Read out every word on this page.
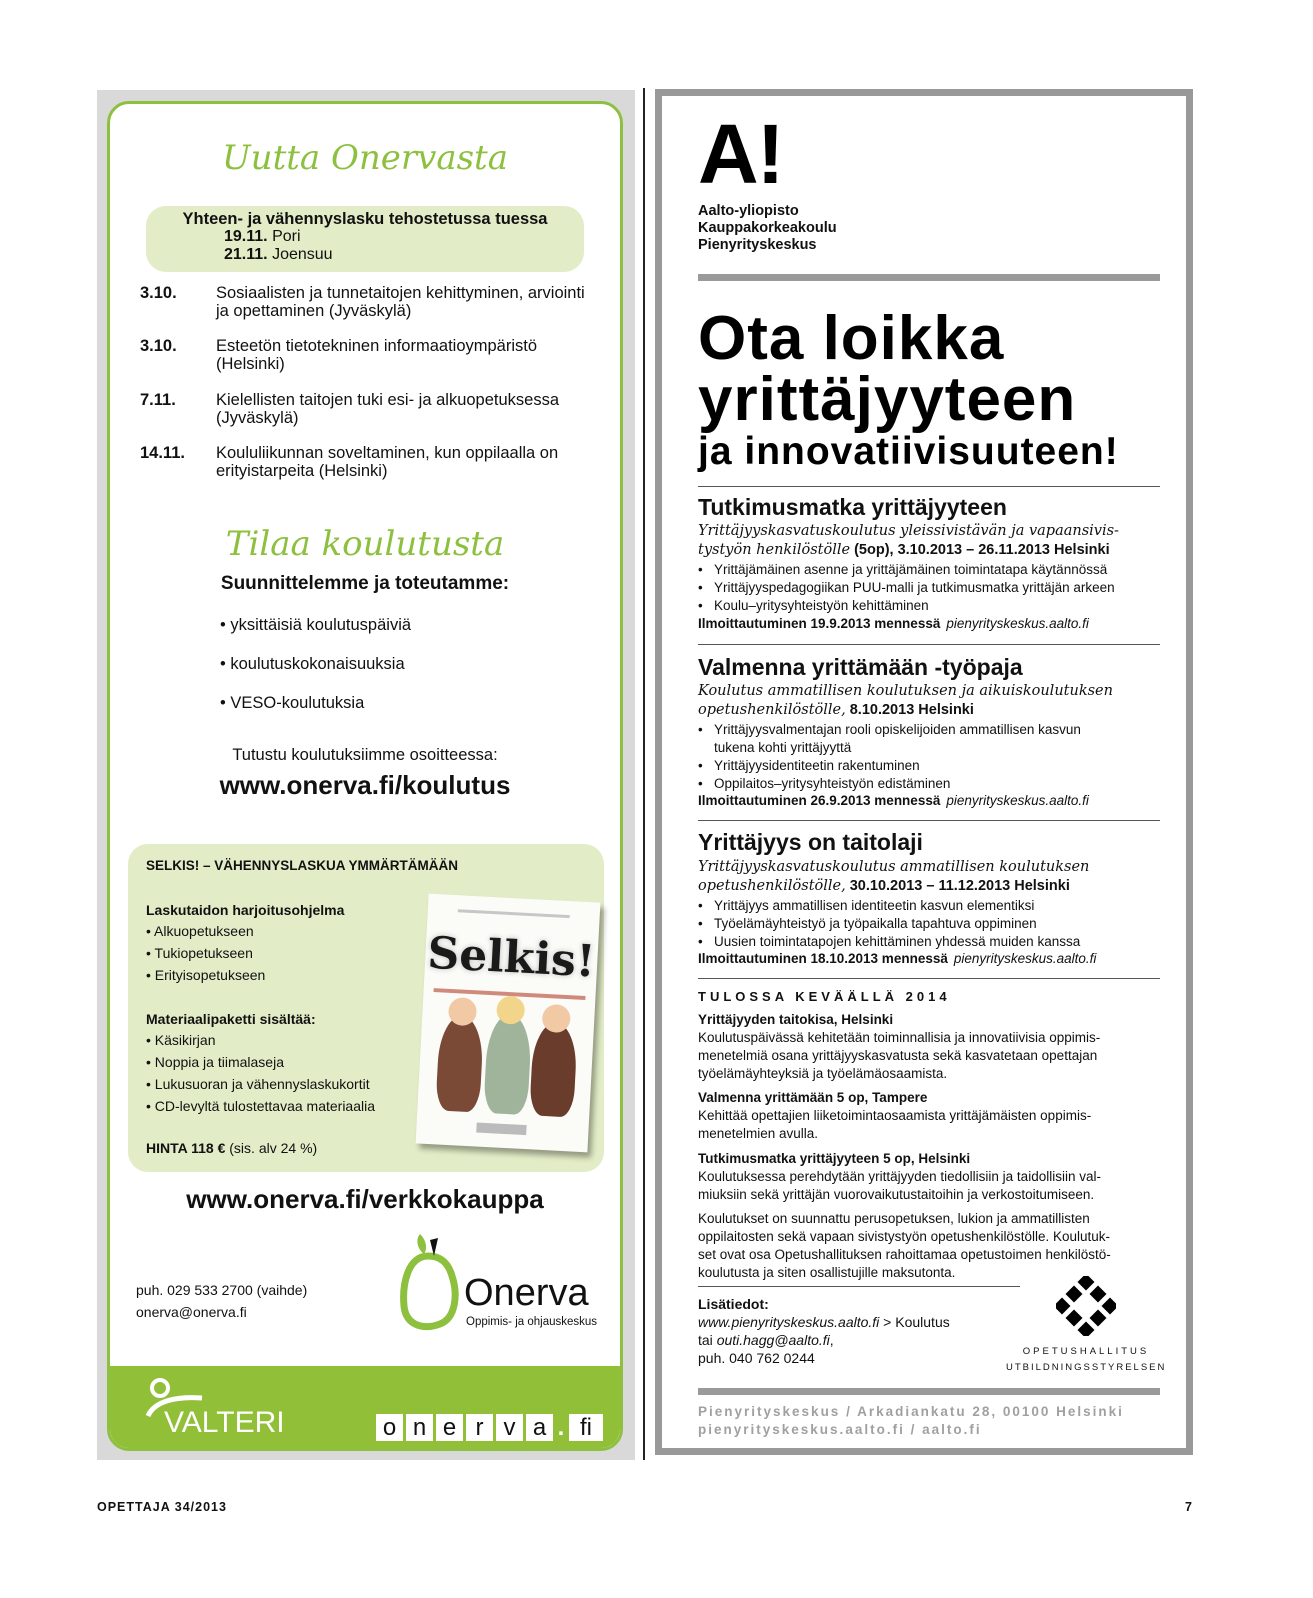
Uutta Onervasta
Yhteen- ja vähennyslasku tehostetussa tuessa
19.11. Pori
21.11. Joensuu
3.10.	Sosiaalisten ja tunnetaitojen kehittyminen, arviointi ja opettaminen (Jyväskylä)
3.10.	Esteetön tietotekninen informaatioympäristö (Helsinki)
7.11.	Kielellisten taitojen tuki esi- ja alkuopetuksessa (Jyväskylä)
14.11.	Koululiikunnan soveltaminen, kun oppilaalla on erityistarpeita (Helsinki)
Tilaa koulutusta
Suunnittelemme ja toteutamme:
• yksittäisiä koulutuspäiviä
• koulutuskokonaisuuksia
• VESO-koulutuksia
Tutustu koulutuksiimme osoitteessa:
www.onerva.fi/koulutus
SELKIS! – VÄHENNYSLASKUA YMMÄRTÄMÄÄN
Laskutaidon harjoitusohjelma
• Alkuopetukseen
• Tukiopetukseen
• Erityisopetukseen
Materiaalipaketti sisältää:
• Käsikirjan
• Noppia ja tiimalaseja
• Lukusuoran ja vähennyslaskukortit
• CD-levyltä tulostettavaa materiaalia
HINTA 118 € (sis. alv 24 %)
Selkis!
www.onerva.fi/verkkokauppa
puh. 029 533 2700 (vaihde)
onerva@onerva.fi	Onerva
Oppimis- ja ohjauskeskus
VALTERI	o n e r v a . fi
A!
Aalto-yliopisto
Kauppakorkeakoulu
Pienyrityskeskus
Ota loikka
yrittäjyyteen
ja innovatiivisuuteen!
Tutkimusmatka yrittäjyyteen
Yrittäjyyskasvatuskoulutus yleissivistävän ja vapaansivis-
tystyön henkilöstölle (5op), 3.10.2013 – 26.11.2013 Helsinki
• Yrittäjämäinen asenne ja yrittäjämäinen toimintatapa käytännössä
• Yrittäjyyspedagogiikan PUU-malli ja tutkimusmatka yrittäjän arkeen
• Koulu–yritysyhteistyön kehittäminen
Ilmoittautuminen 19.9.2013 mennessä pienyrityskeskus.aalto.fi
Valmenna yrittämään -työpaja
Koulutus ammatillisen koulutuksen ja aikuiskoulutuksen
opetushenkilöstölle, 8.10.2013 Helsinki
• Yrittäjyysvalmentajan rooli opiskelijoiden ammatillisen kasvun
tukena kohti yrittäjyyttä
• Yrittäjyysidentiteetin rakentuminen
• Oppilaitos–yritysyhteistyön edistäminen
Ilmoittautuminen 26.9.2013 mennessä pienyrityskeskus.aalto.fi
Yrittäjyys on taitolaji
Yrittäjyyskasvatuskoulutus ammatillisen koulutuksen
opetushenkilöstölle, 30.10.2013 – 11.12.2013 Helsinki
• Yrittäjyys ammatillisen identiteetin kasvun elementiksi
• Työelämäyhteistyö ja työpaikalla tapahtuva oppiminen
• Uusien toimintatapojen kehittäminen yhdessä muiden kanssa
Ilmoittautuminen 18.10.2013 mennessä pienyrityskeskus.aalto.fi
TULOSSA KEVÄÄLLÄ 2014
Yrittäjyyden taitokisa, Helsinki
Koulutuspäivässä kehitetään toiminnallisia ja innovatiivisia oppimis-
menetelmiä osana yrittäjyyskasvatusta sekä kasvatetaan opettajan
työelämäyhteyksiä ja työelämäosaamista.
Valmenna yrittämään 5 op, Tampere
Kehittää opettajien liiketoimintaosaamista yrittäjämäisten oppimis-
menetelmien avulla.
Tutkimusmatka yrittäjyyteen 5 op, Helsinki
Koulutuksessa perehdytään yrittäjyyden tiedollisiin ja taidollisiin val-
miuksiin sekä yrittäjän vuorovaikutustaitoihin ja verkostoitumiseen.
Koulutukset on suunnattu perusopetuksen, lukion ja ammatillisten
oppilaitosten sekä vapaan sivistystyön opetushenkilöstölle. Koulutuk-
set ovat osa Opetushallituksen rahoittamaa opetustoimen henkilöstö-
koulutusta ja siten osallistujille maksutonta.
Lisätiedot:
www.pienyrityskeskus.aalto.fi > Koulutus
tai outi.hagg@aalto.fi,
puh. 040 762 0244	OPETUSHALLITUS
UTBILDNINGSSTYRELSEN
Pienyrityskeskus / Arkadiankatu 28, 00100 Helsinki
pienyrityskeskus.aalto.fi / aalto.fi
OPETTAJA 34/2013	7
